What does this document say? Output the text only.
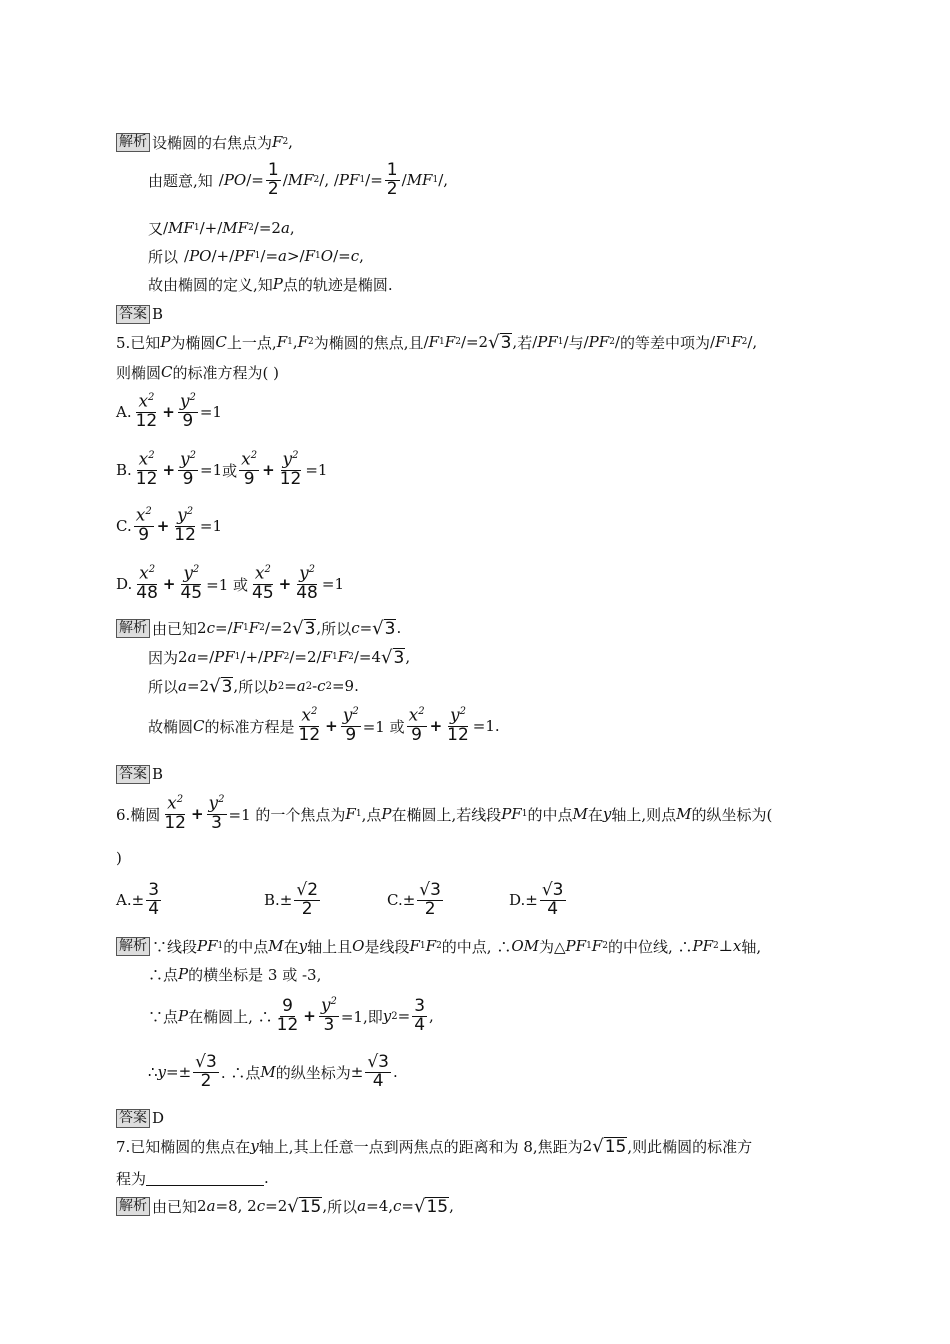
解析 设椭圆的右焦点为 F 2 ,
由题意,知 / PO /= $\frac{1}{2}$ / MF 2 /, / PF $1 /= \frac{1}{2}$ / MF 1 /,
又 / MF 1 /+/ MF 2 /=2 a ,
所以 / PO /+/ PF 1 /= a >/ F 1 O /= c ,
故由椭圆的定义,知 P 点的轨迹是椭圆.
答案 B
5.已知 P 为椭圆 C 上一点, F 1 , F 2 为椭圆的焦点,且 / F 1 F 2 /=2 √ 3 , 若 / PF 1 / 与 / PF 2 / 的等差中项为 / F 1 F 2 /,
则椭圆 C 的标准方程为( )
A. $\frac{x^2}{12} + \frac{y^2}{9} =1$
B. $\frac{x^2}{12} + \frac{y^2}{9} =1$ 或 $\frac{x^2}{9} + \frac{y^2}{12} =1$
C. $\frac{x^2}{9} + \frac{y^2}{12} =1$
D. $\frac{x^2}{48} + \frac{y^2}{45} =1$ 或 $\frac{x^2}{45} + \frac{y^2}{48} =1$
解析 由已知 2 c =/ F 1 F 2 /=2 √ 3 , 所以 c = √ 3 .
因为 2 a =/ PF 1 /+/ PF 2 /=2/ F 1 F 2 /=4 √ 3 ,
所以 a =2 √ 3 , 所以 b 2 = a 2 - c 2 =9.
故椭圆 C 的标准方程是 $\frac{x^2}{12} + \frac{y^2}{9} =1$ 或 $\frac{x^2}{9} + \frac{y^2}{12} =1$.
答案 B
6.椭圆 $\frac{x^2}{12} + \frac{y^2}{3} =1$ 的一个焦点为 F 1 ,点 P 在椭圆上,若线段 PF 1 的中点 M 在 y 轴上,则点 M 的纵坐标为(
)
A. ± $\frac{3}{4}$	B. ± $\frac{√2}{2}$	C. ± $\frac{√3}{2}$	D. ± $\frac{√3}{4}$
解析 ∵线段 PF 1 的中点 M 在 y 轴上且 O 是线段 F 1 F 2 的中点, ∴ OM 为△ PF 1 F 2 的中位线, ∴ PF 2 ⊥ x 轴,
∴点 P 的横坐标是 3 或 -3,
∵点 P 在椭圆上, ∴ $\frac{9}{12} + \frac{y^2}{3} =1$,即 y $2 = \frac{3}{4}$ ,
∴ $y =\pm \frac{√3}{2}$ . ∴点 M 的纵坐标为 ± $\frac{√3}{4}$ .
答案 D
7.已知椭圆的焦点在 y 轴上,其上任意一点到两焦点的距离和为 8,焦距为 2 √ 15 ,则此椭圆的标准方
程为	.
解析 由已知 2 a =8, 2 c =2 √ 15 , 所以 a =4, c = √ 15 ,
